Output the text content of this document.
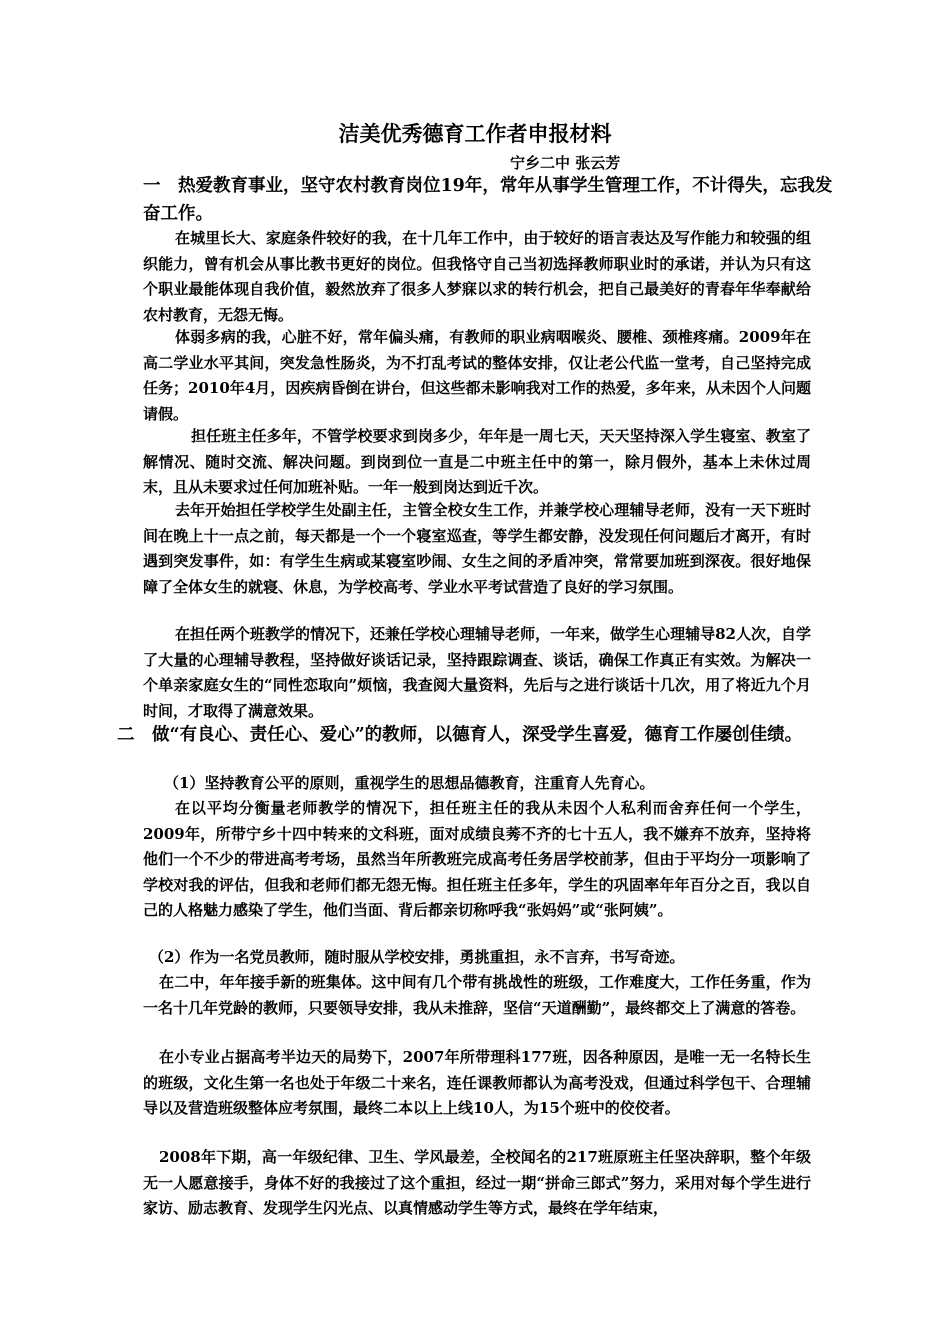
洁美优秀德育工作者申报材料
宁乡二中 张云芳
一　热爱教育事业，坚守农村教育岗位19年，常年从事学生管理工作，不计得失，忘我发奋工作。
在城里长大、家庭条件较好的我，在十几年工作中，由于较好的语言表达及写作能力和较强的组织能力，曾有机会从事比教书更好的岗位。但我恪守自己当初选择教师职业时的承诺，并认为只有这个职业最能体现自我价值，毅然放弃了很多人梦寐以求的转行机会，把自己最美好的青春年华奉献给农村教育，无怨无悔。
体弱多病的我，心脏不好，常年偏头痛，有教师的职业病咽喉炎、腰椎、颈椎疼痛。2009年在高二学业水平其间，突发急性肠炎，为不打乱考试的整体安排，仅让老公代监一堂考，自己坚持完成任务；2010年4月，因疾病昏倒在讲台，但这些都未影响我对工作的热爱，多年来，从未因个人问题请假。
担任班主任多年，不管学校要求到岗多少，年年是一周七天，天天坚持深入学生寝室、教室了解情况、随时交流、解决问题。到岗到位一直是二中班主任中的第一，除月假外，基本上未休过周末，且从未要求过任何加班补贴。一年一般到岗达到近千次。
去年开始担任学校学生处副主任，主管全校女生工作，并兼学校心理辅导老师，没有一天下班时间在晚上十一点之前，每天都是一个一个寝室巡查，等学生都安静，没发现任何问题后才离开，有时遇到突发事件，如：有学生生病或某寝室吵闹、女生之间的矛盾冲突，常常要加班到深夜。很好地保障了全体女生的就寝、休息，为学校高考、学业水平考试营造了良好的学习氛围。
在担任两个班教学的情况下，还兼任学校心理辅导老师，一年来，做学生心理辅导82人次，自学了大量的心理辅导教程，坚持做好谈话记录，坚持跟踪调查、谈话，确保工作真正有实效。为解决一个单亲家庭女生的“同性恋取向”烦恼，我查阅大量资料，先后与之进行谈话十几次，用了将近九个月时间，才取得了满意效果。
二　做“有良心、责任心、爱心”的教师，以德育人，深受学生喜爱，德育工作屡创佳绩。
（1）坚持教育公平的原则，重视学生的思想品德教育，注重育人先育心。
在以平均分衡量老师教学的情况下，担任班主任的我从未因个人私利而舍弃任何一个学生，2009年，所带宁乡十四中转来的文科班，面对成绩良莠不齐的七十五人，我不嫌弃不放弃，坚持将他们一个不少的带进高考考场，虽然当年所教班完成高考任务居学校前茅，但由于平均分一项影响了学校对我的评估，但我和老师们都无怨无悔。担任班主任多年，学生的巩固率年年百分之百，我以自己的人格魅力感染了学生，他们当面、背后都亲切称呼我“张妈妈”或“张阿姨”。
（2）作为一名党员教师，随时服从学校安排，勇挑重担，永不言弃，书写奇迹。
在二中，年年接手新的班集体。这中间有几个带有挑战性的班级，工作难度大，工作任务重，作为一名十几年党龄的教师，只要领导安排，我从未推辞，坚信“天道酬勤”，最终都交上了满意的答卷。
在小专业占据高考半边天的局势下，2007年所带理科177班，因各种原因，是唯一无一名特长生的班级，文化生第一名也处于年级二十来名，连任课教师都认为高考没戏，但通过科学包干、合理辅导以及营造班级整体应考氛围，最终二本以上上线10人，为15个班中的佼佼者。
2008年下期，高一年级纪律、卫生、学风最差，全校闻名的217班原班主任坚决辞职，整个年级无一人愿意接手，身体不好的我接过了这个重担，经过一期“拼命三郎式”努力，采用对每个学生进行家访、励志教育、发现学生闪光点、以真情感动学生等方式，最终在学年结束，
